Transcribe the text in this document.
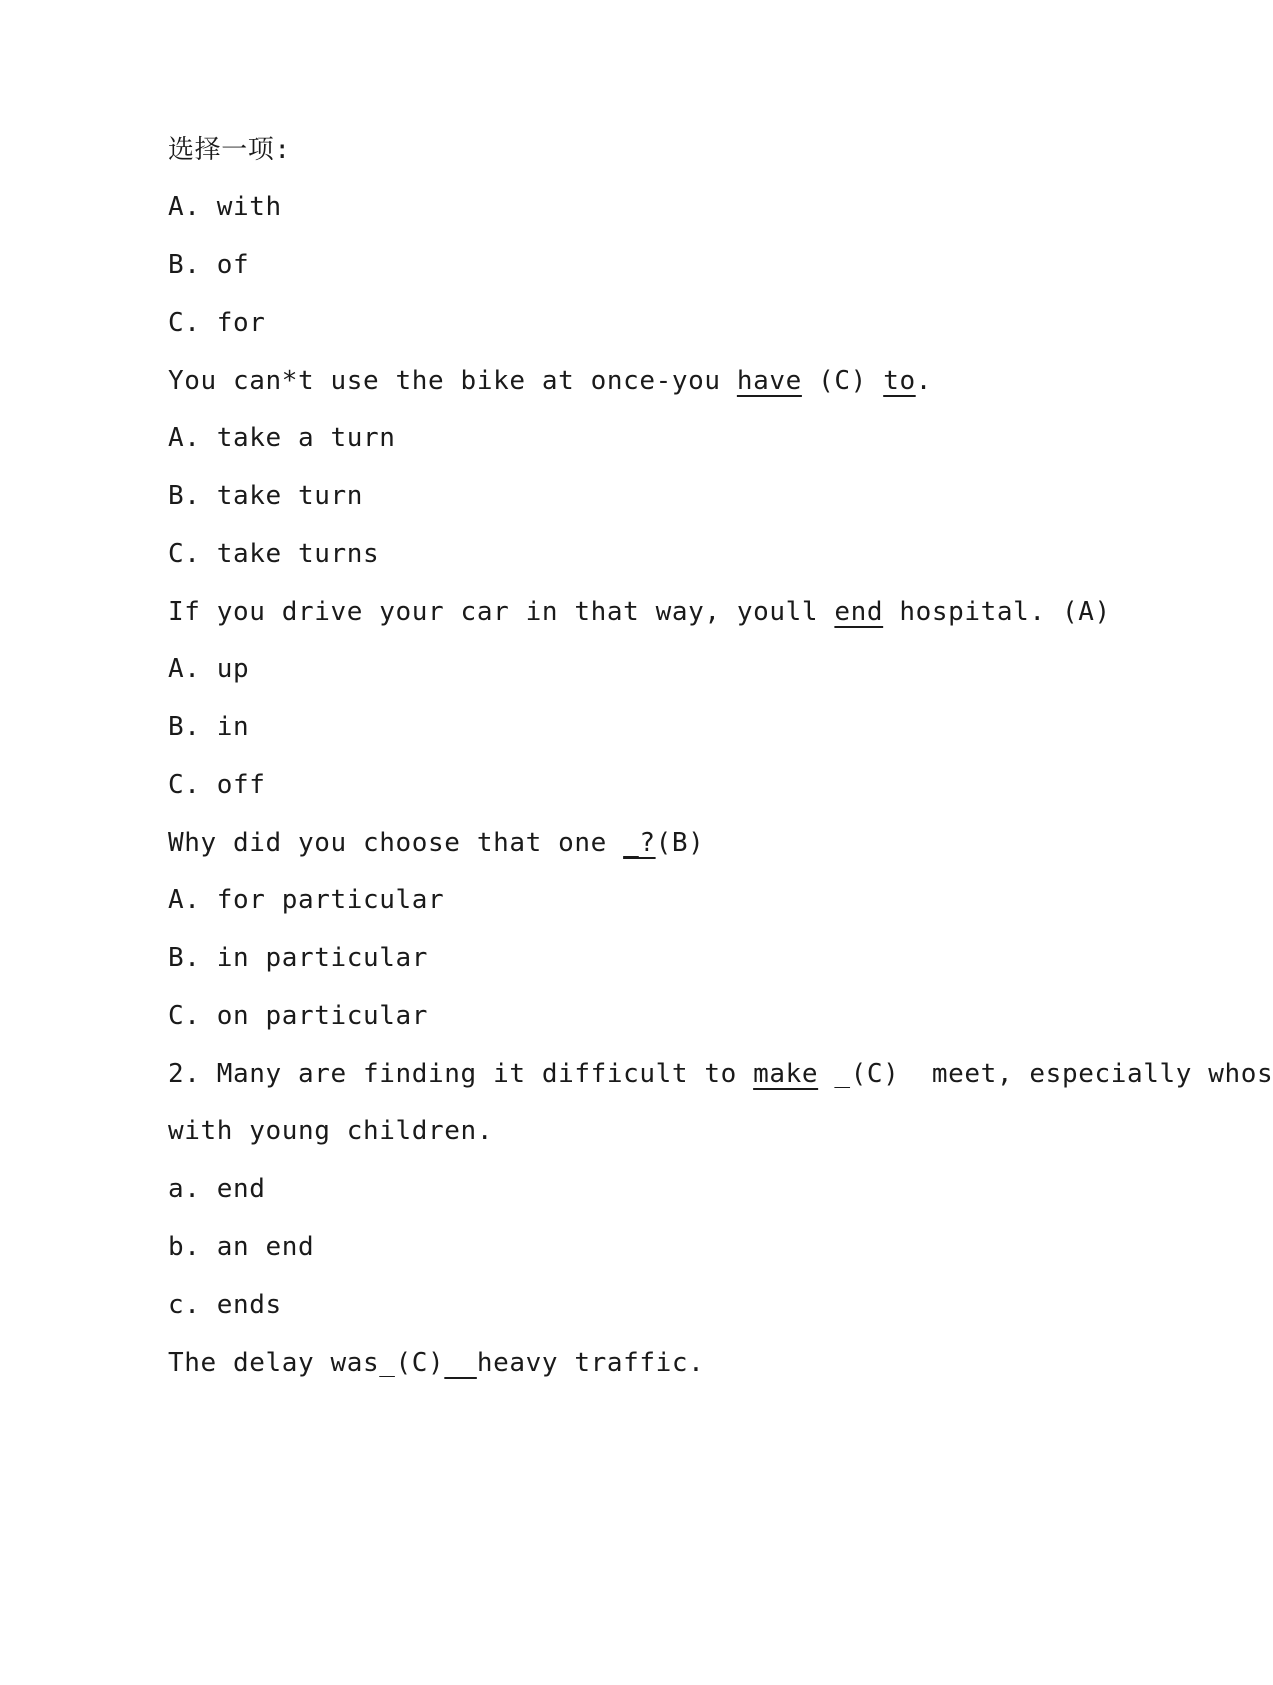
选择一项:
A. with
B. of
C. for
You can*t use the bike at once-you have (C) to.
A. take a turn
B. take turn
C. take turns
If you drive your car in that way, youll end hospital. (A)
A. up
B. in
C. off
Why did you choose that one _?(B)
A. for particular
B. in particular
C. on particular
2. Many are finding it difficult to make _(C)  meet, especially whos
with young children.
a. end
b. an end
c. ends
The delay was_(C) heavy traffic.
